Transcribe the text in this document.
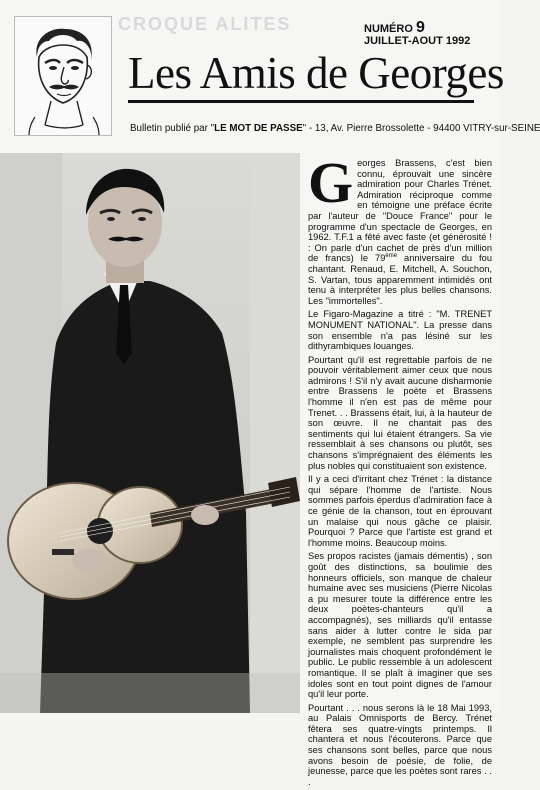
CROQUE ALITES	NUMÉRO 9
JUILLET-AOUT 1992
Les Amis de Georges
Bulletin publié par "LE MOT DE PASSE" - 13, Av. Pierre Brossolette - 94400 VITRY-sur-SEINE

Georges Brassens, c'est bien connu, éprouvait une sincère admiration pour Charles Trénet. Admiration réciproque comme en témoigne une préface écrite par l'auteur de "Douce France" pour le programme d'un spectacle de Georges, en 1962. T.F.1 a fêté avec faste (et générosité ! : On parle d'un cachet de près d'un million de francs) le 79ème anniversaire du fou chantant. Renaud, E. Mitchell, A. Souchon, S. Vartan, tous apparemment intimidés ont tenu à interpréter les plus belles chansons. Les "immortelles".

Le Figaro-Magazine a titré : "M. TRENET MONUMENT NATIONAL". La presse dans son ensemble n'a pas lésiné sur les dithyrambiques louanges.

Pourtant qu'il est regrettable parfois de ne pouvoir véritablement aimer ceux que nous admirons ! S'il n'y avait aucune disharmonie entre Brassens le poète et Brassens l'homme il n'en est pas de même pour Trenet. . . Brassens était, lui, à la hauteur de son œuvre. Il ne chantait pas des sentiments qui lui étaient étrangers. Sa vie ressemblait à ses chansons ou plutôt, ses chansons s'imprégnaient des éléments les plus nobles qui constituaient son existence.

Il y a ceci d'irritant chez Trénet : la distance qui sépare l'homme de l'artiste. Nous sommes parfois éperdus d'admiration face à ce génie de la chanson, tout en éprouvant un malaise qui nous gâche ce plaisir. Pourquoi ? Parce que l'artiste est grand et l'homme moins. Beaucoup moins.

Ses propos racistes (jamais démentis) , son goût des distinctions, sa boulimie des honneurs officiels, son manque de chaleur humaine avec ses musiciens (Pierre Nicolas a pu mesurer toute la différence entre les deux poètes-chanteurs qu'il a accompagnés), ses milliards qu'il entasse sans aider à lutter contre le sida par exemple, ne semblent pas surprendre les journalistes mais choquent profondément le public. Le public ressemble à un adolescent romantique. Il se plaît à imaginer que ses idoles sont en tout point dignes de l'amour qu'il leur porte.

Pourtant . . . nous serons là le 18 Mai 1993, au Palais Omnisports de Bercy. Trénet fêtera ses quatre-vingts printemps. Il chantera et nous l'écouterons. Parce que ses chansons sont belles, parce que nous avons besoin de poésie, de folie, de jeunesse, parce que les poètes sont rares . . .
